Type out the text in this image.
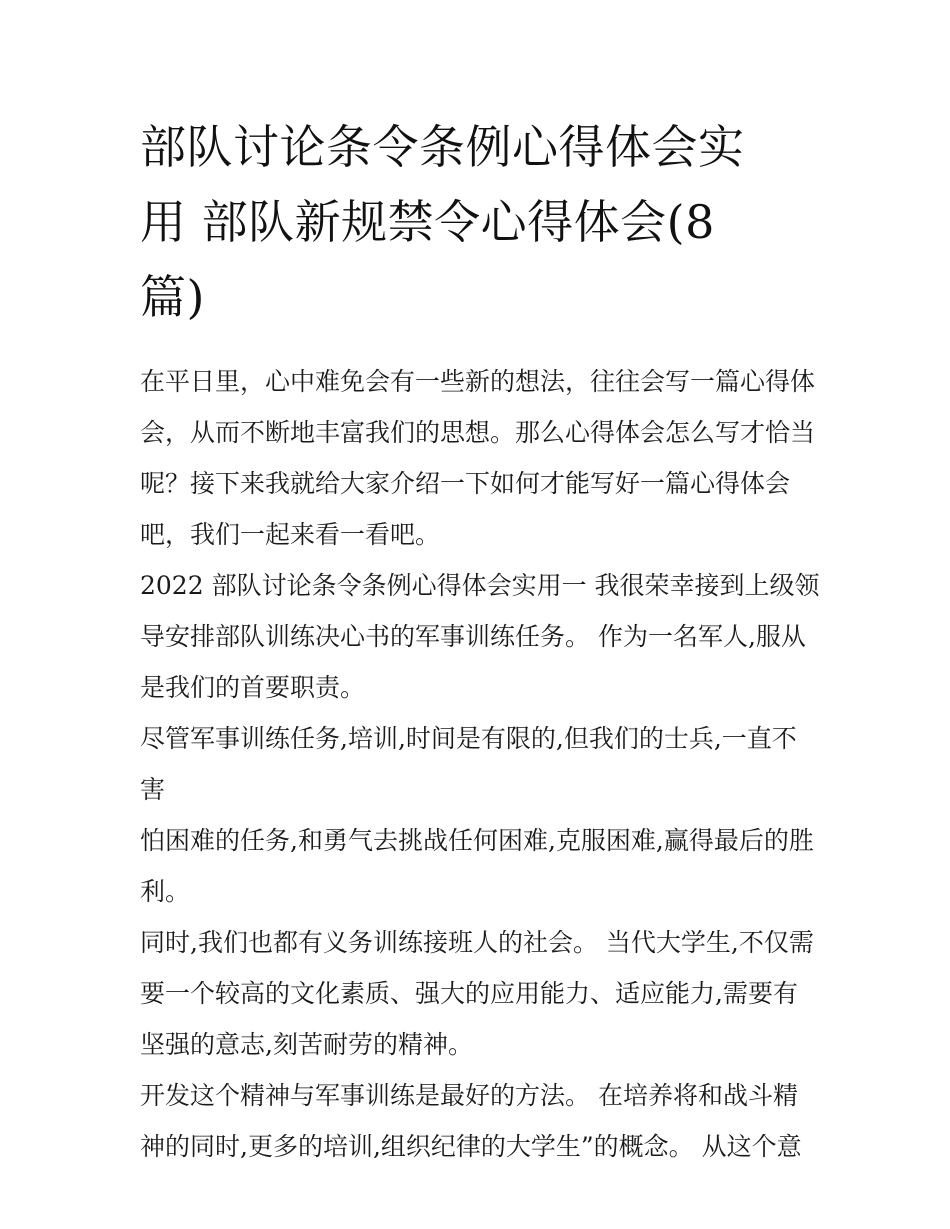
部队讨论条令条例心得体会实
用 部队新规禁令心得体会(8
篇)

在平日里，心中难免会有一些新的想法，往往会写一篇心得体
会，从而不断地丰富我们的思想。那么心得体会怎么写才恰当
呢？接下来我就给大家介绍一下如何才能写好一篇心得体会
吧，我们一起来看一看吧。

2022 部队讨论条令条例心得体会实用一 我很荣幸接到上级领
导安排部队训练决心书的军事训练任务。 作为一名军人,服从
是我们的首要职责。

尽管军事训练任务,培训,时间是有限的,但我们的士兵,一直不害
怕困难的任务,和勇气去挑战任何困难,克服困难,赢得最后的胜
利。

同时,我们也都有义务训练接班人的社会。 当代大学生,不仅需
要一个较高的文化素质、强大的应用能力、适应能力,需要有
坚强的意志,刻苦耐劳的精神。

开发这个精神与军事训练是最好的方法。 在培养将和战斗精
神的同时,更多的培训,组织纪律的大学生”的概念。 从这个意
